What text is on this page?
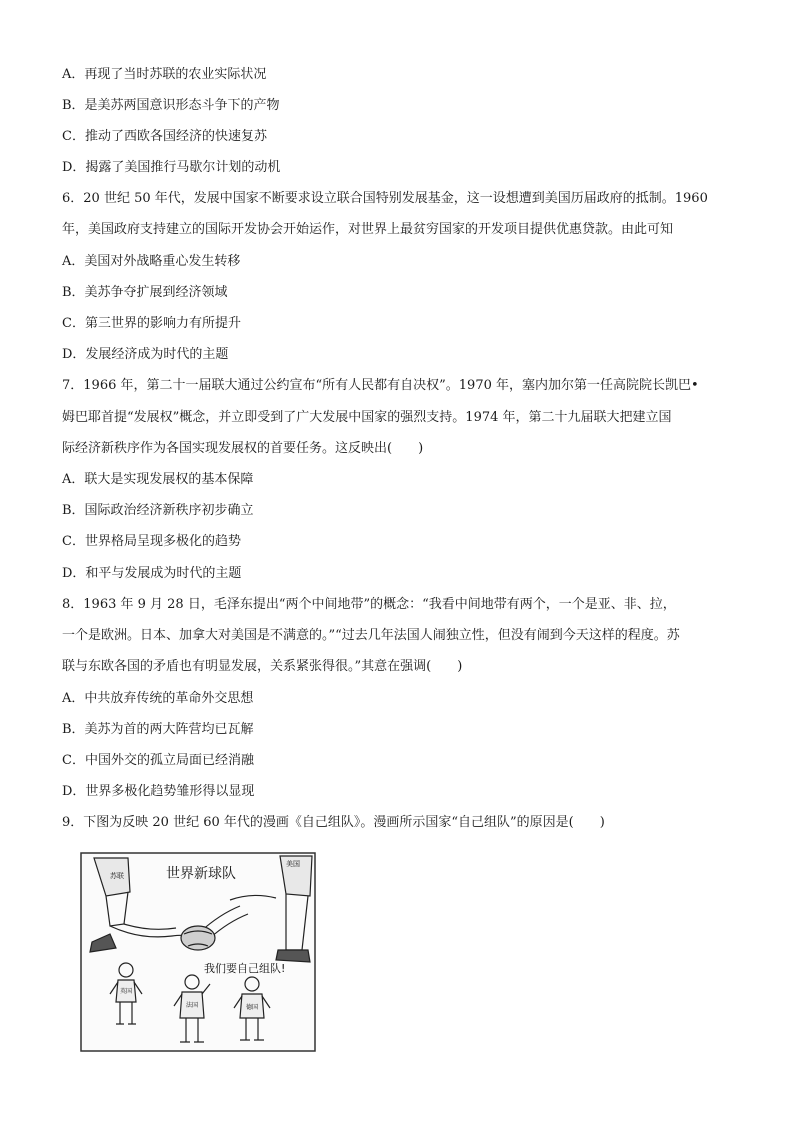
A．再现了当时苏联的农业实际状况
B．是美苏两国意识形态斗争下的产物
C．推动了西欧各国经济的快速复苏
D．揭露了美国推行马歇尔计划的动机
6．20 世纪 50 年代，发展中国家不断要求设立联合国特别发展基金，这一设想遭到美国历届政府的抵制。1960
年，美国政府支持建立的国际开发协会开始运作，对世界上最贫穷国家的开发项目提供优惠贷款。由此可知
A．美国对外战略重心发生转移
B．美苏争夺扩展到经济领域
C．第三世界的影响力有所提升
D．发展经济成为时代的主题
7．1966 年，第二十一届联大通过公约宣布“所有人民都有自决权”。1970 年，塞内加尔第一任高院院长凯巴•
姆巴耶首提“发展权”概念，并立即受到了广大发展中国家的强烈支持。1974 年，第二十九届联大把建立国
际经济新秩序作为各国实现发展权的首要任务。这反映出(　　)
A．联大是实现发展权的基本保障
B．国际政治经济新秩序初步确立
C．世界格局呈现多极化的趋势
D．和平与发展成为时代的主题
8．1963 年 9 月 28 日，毛泽东提出“两个中间地带”的概念：“我看中间地带有两个，一个是亚、非、拉，
一个是欧洲。日本、加拿大对美国是不满意的。”“过去几年法国人闹独立性，但没有闹到今天这样的程度。苏
联与东欧各国的矛盾也有明显发展，关系紧张得很。”其意在强调(　　)
A．中共放弃传统的革命外交思想
B．美苏为首的两大阵营均已瓦解
C．中国外交的孤立局面已经消融
D．世界多极化趋势雏形得以显现
9．下图为反映 20 世纪 60 年代的漫画《自己组队》。漫画所示国家“自己组队”的原因是(　　)
世界新球队
苏联
美国
我们要自己组队!
英国
法国	德国
